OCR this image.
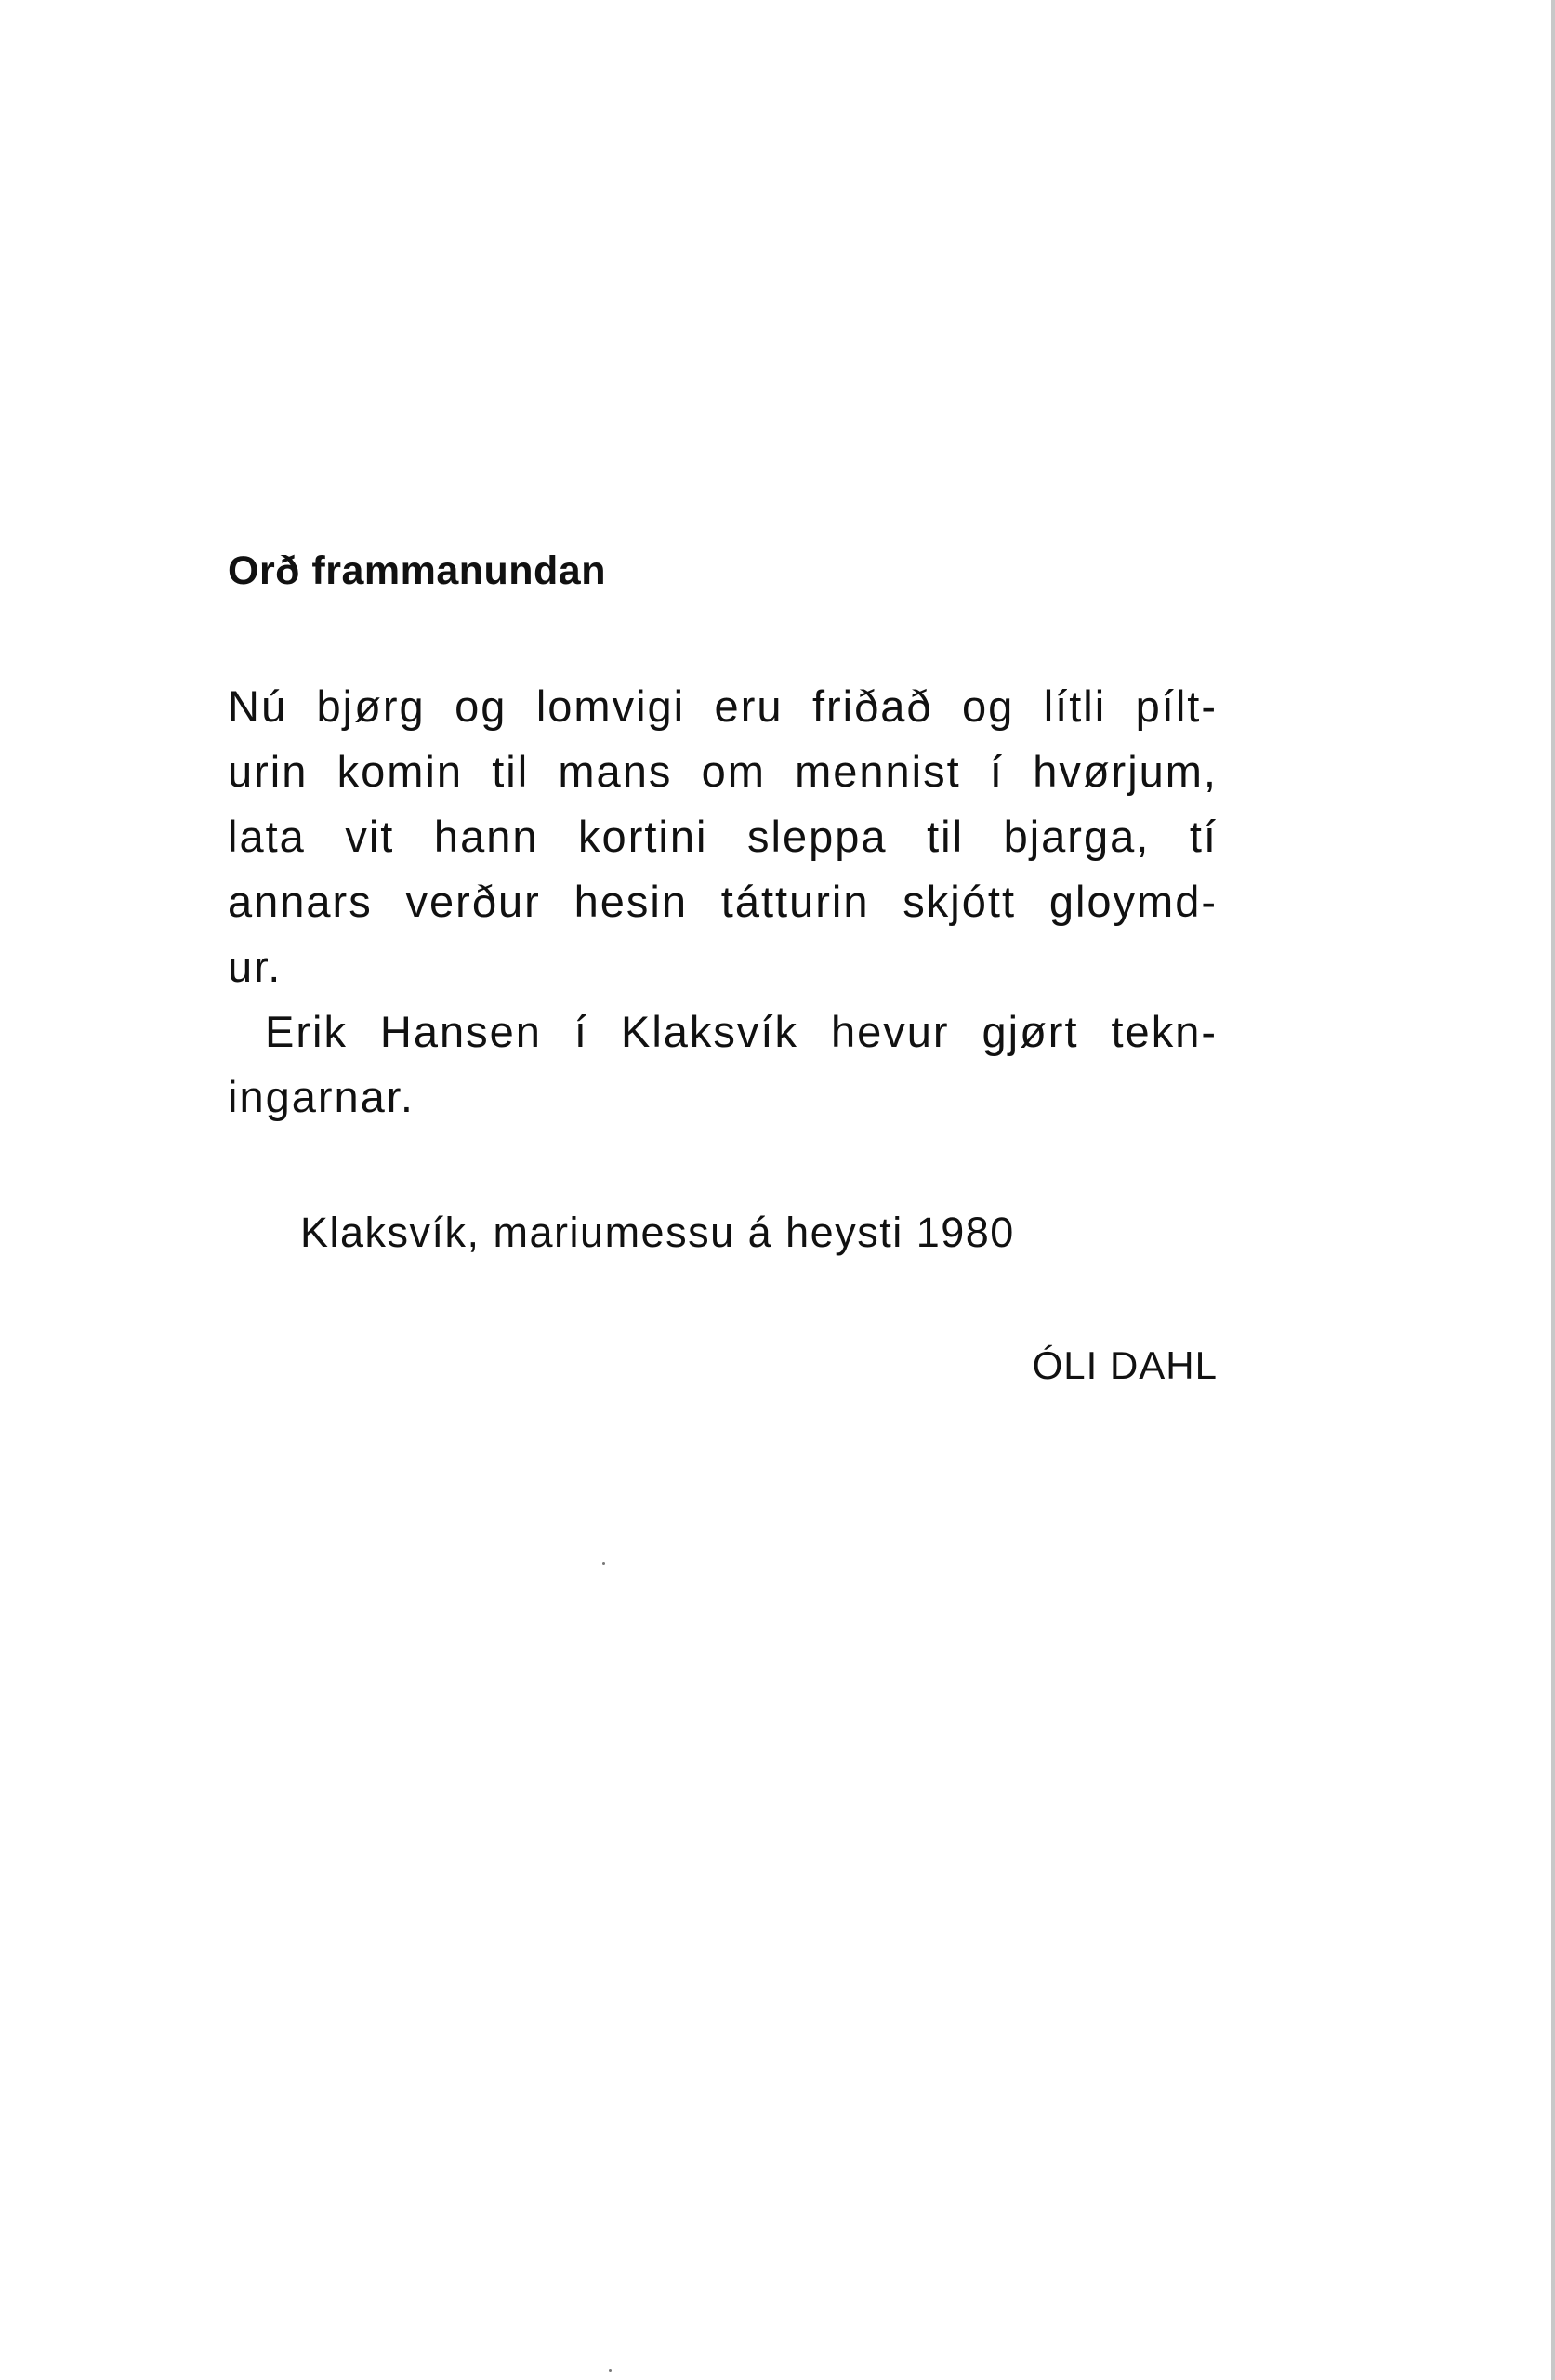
Orð frammanundan
Nú bjørg og lomvigi eru friðað og lítli pílt-
urin komin til mans om mennist í hvørjum,
lata vit hann kortini sleppa til bjarga, tí
annars verður hesin tátturin skjótt gloymd-
ur.
Erik Hansen í Klaksvík hevur gjørt tekn-
ingarnar.
Klaksvík, mariumessu á heysti 1980
ÓLI DAHL
